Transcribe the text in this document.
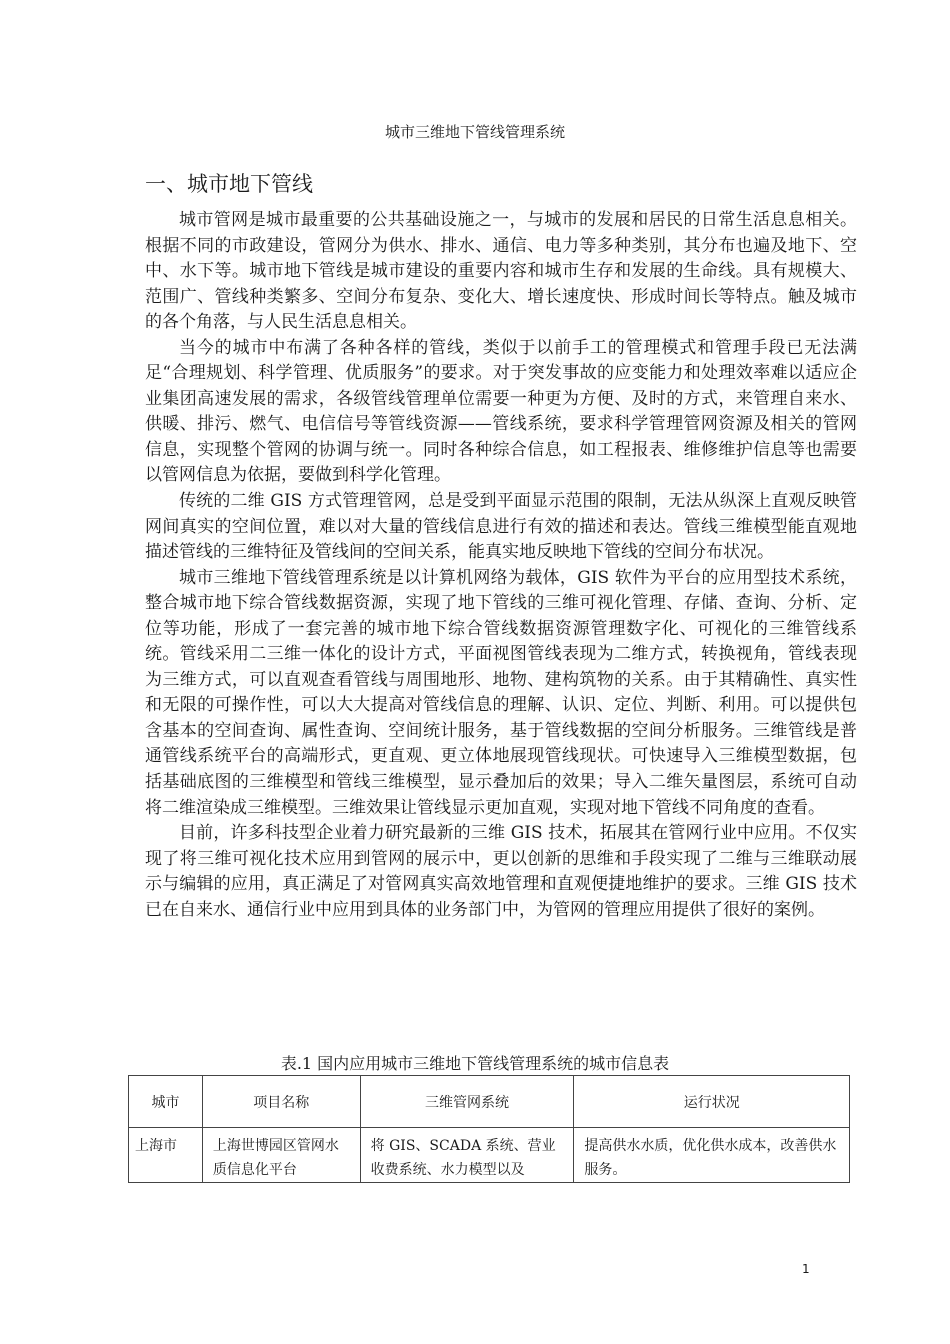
城市三维地下管线管理系统
一、城市地下管线

城市管网是城市最重要的公共基础设施之一，与城市的发展和居民的日常生活息息相关。根据不同的市政建设，管网分为供水、排水、通信、电力等多种类别，其分布也遍及地下、空中、水下等。城市地下管线是城市建设的重要内容和城市生存和发展的生命线。具有规模大、范围广、管线种类繁多、空间分布复杂、变化大、增长速度快、形成时间长等特点。触及城市的各个角落，与人民生活息息相关。

当今的城市中布满了各种各样的管线，类似于以前手工的管理模式和管理手段已无法满足“合理规划、科学管理、优质服务”的要求。对于突发事故的应变能力和处理效率难以适应企业集团高速发展的需求，各级管线管理单位需要一种更为方便、及时的方式，来管理自来水、供暖、排污、燃气、电信信号等管线资源——管线系统，要求科学管理管网资源及相关的管网信息，实现整个管网的协调与统一。同时各种综合信息，如工程报表、维修维护信息等也需要以管网信息为依据，要做到科学化管理。

传统的二维 GIS 方式管理管网，总是受到平面显示范围的限制，无法从纵深上直观反映管网间真实的空间位置，难以对大量的管线信息进行有效的描述和表达。管线三维模型能直观地描述管线的三维特征及管线间的空间关系，能真实地反映地下管线的空间分布状况。

城市三维地下管线管理系统是以计算机网络为载体，GIS 软件为平台的应用型技术系统，整合城市地下综合管线数据资源，实现了地下管线的三维可视化管理、存储、查询、分析、定位等功能，形成了一套完善的城市地下综合管线数据资源管理数字化、可视化的三维管线系统。管线采用二三维一体化的设计方式，平面视图管线表现为二维方式，转换视角，管线表现为三维方式，可以直观查看管线与周围地形、地物、建构筑物的关系。由于其精确性、真实性和无限的可操作性，可以大大提高对管线信息的理解、认识、定位、判断、利用。可以提供包含基本的空间查询、属性查询、空间统计服务，基于管线数据的空间分析服务。三维管线是普通管线系统平台的高端形式，更直观、更立体地展现管线现状。可快速导入三维模型数据，包括基础底图的三维模型和管线三维模型，显示叠加后的效果；导入二维矢量图层，系统可自动将二维渲染成三维模型。三维效果让管线显示更加直观，实现对地下管线不同角度的查看。

目前，许多科技型企业着力研究最新的三维 GIS 技术，拓展其在管网行业中应用。不仅实现了将三维可视化技术应用到管网的展示中，更以创新的思维和手段实现了二维与三维联动展示与编辑的应用，真正满足了对管网真实高效地管理和直观便捷地维护的要求。三维 GIS 技术已在自来水、通信行业中应用到具体的业务部门中，为管网的管理应用提供了很好的案例。

表.1 国内应用城市三维地下管线管理系统的城市信息表
城市	项目名称	三维管网系统	运行状况
上海市	上海世博园区管网水质信息化平台	将 GIS、SCADA 系统、营业收费系统、水力模型以及	提高供水水质，优化供水成本，改善供水服务。
1
